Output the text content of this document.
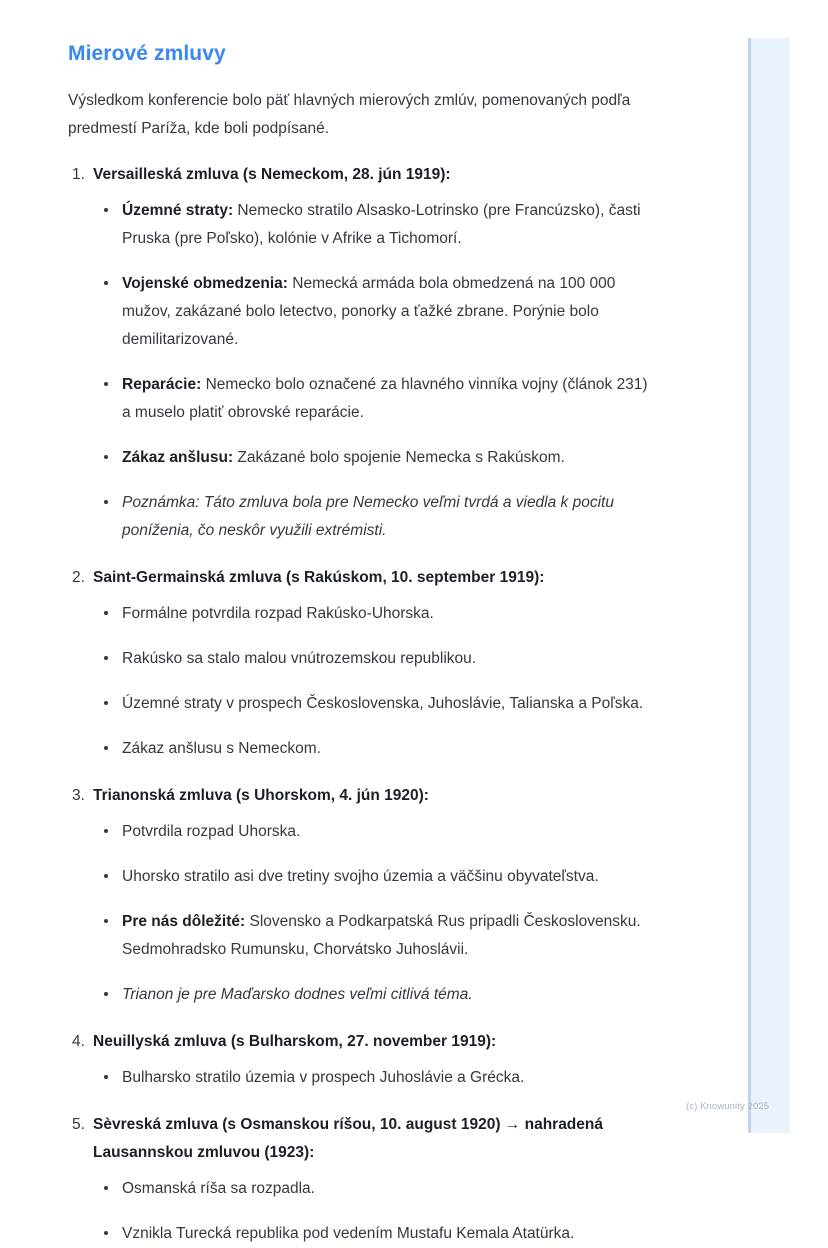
Mierové zmluvy

Výsledkom konferencie bolo päť hlavných mierových zmlúv, pomenovaných podľa predmestí Paríža, kde boli podpísané.

1. Versailleská zmluva (s Nemeckom, 28. jún 1919):
Územné straty: Nemecko stratilo Alsasko-Lotrinsko (pre Francúzsko), časti Pruska (pre Poľsko), kolónie v Afrike a Tichomorí.
Vojenské obmedzenia: Nemecká armáda bola obmedzená na 100 000 mužov, zakázané bolo letectvo, ponorky a ťažké zbrane. Porýnie bolo demilitarizované.
Reparácie: Nemecko bolo označené za hlavného vinníka vojny (článok 231) a muselo platiť obrovské reparácie.
Zákaz anšlusu: Zakázané bolo spojenie Nemecka s Rakúskom.
Poznámka: Táto zmluva bola pre Nemecko veľmi tvrdá a viedla k pocitu poníženia, čo neskôr využili extrémisti.
2. Saint-Germainská zmluva (s Rakúskom, 10. september 1919):
Formálne potvrdila rozpad Rakúsko-Uhorska.
Rakúsko sa stalo malou vnútrozemskou republikou.
Územné straty v prospech Československa, Juhoslávie, Talianska a Poľska.
Zákaz anšlusu s Nemeckom.
3. Trianonská zmluva (s Uhorskom, 4. jún 1920):
Potvrdila rozpad Uhorska.
Uhorsko stratilo asi dve tretiny svojho územia a väčšinu obyvateľstva.
Pre nás dôležité: Slovensko a Podkarpatská Rus pripadli Československu. Sedmohradsko Rumunsku, Chorvátsko Juhoslávii.
Trianon je pre Maďarsko dodnes veľmi citlivá téma.
4. Neuillyská zmluva (s Bulharskom, 27. november 1919):
Bulharsko stratilo územia v prospech Juhoslávie a Grécka.
5. Sèvreská zmluva (s Osmanskou ríšou, 10. august 1920) → nahradená Lausannskou zmluvou (1923):
Osmanská ríša sa rozpadla.
Vznikla Turecká republika pod vedením Mustafu Kemala Atatürka.
(c) Knowunity 2025
